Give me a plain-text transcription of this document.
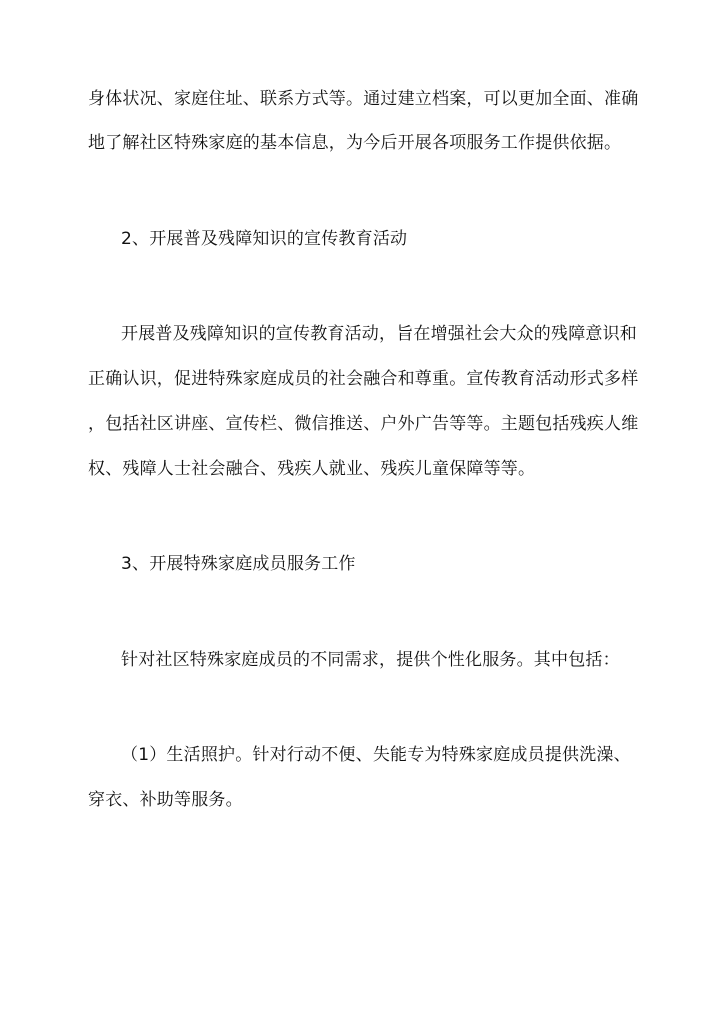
身体状况、家庭住址、联系方式等。通过建立档案，可以更加全面、准确
地了解社区特殊家庭的基本信息，为今后开展各项服务工作提供依据。
2、开展普及残障知识的宣传教育活动
开展普及残障知识的宣传教育活动，旨在增强社会大众的残障意识和
正确认识，促进特殊家庭成员的社会融合和尊重。宣传教育活动形式多样
，包括社区讲座、宣传栏、微信推送、户外广告等等。主题包括残疾人维
权、残障人士社会融合、残疾人就业、残疾儿童保障等等。
3、开展特殊家庭成员服务工作
针对社区特殊家庭成员的不同需求，提供个性化服务。其中包括：
（1）生活照护。针对行动不便、失能专为特殊家庭成员提供洗澡、
穿衣、补助等服务。
